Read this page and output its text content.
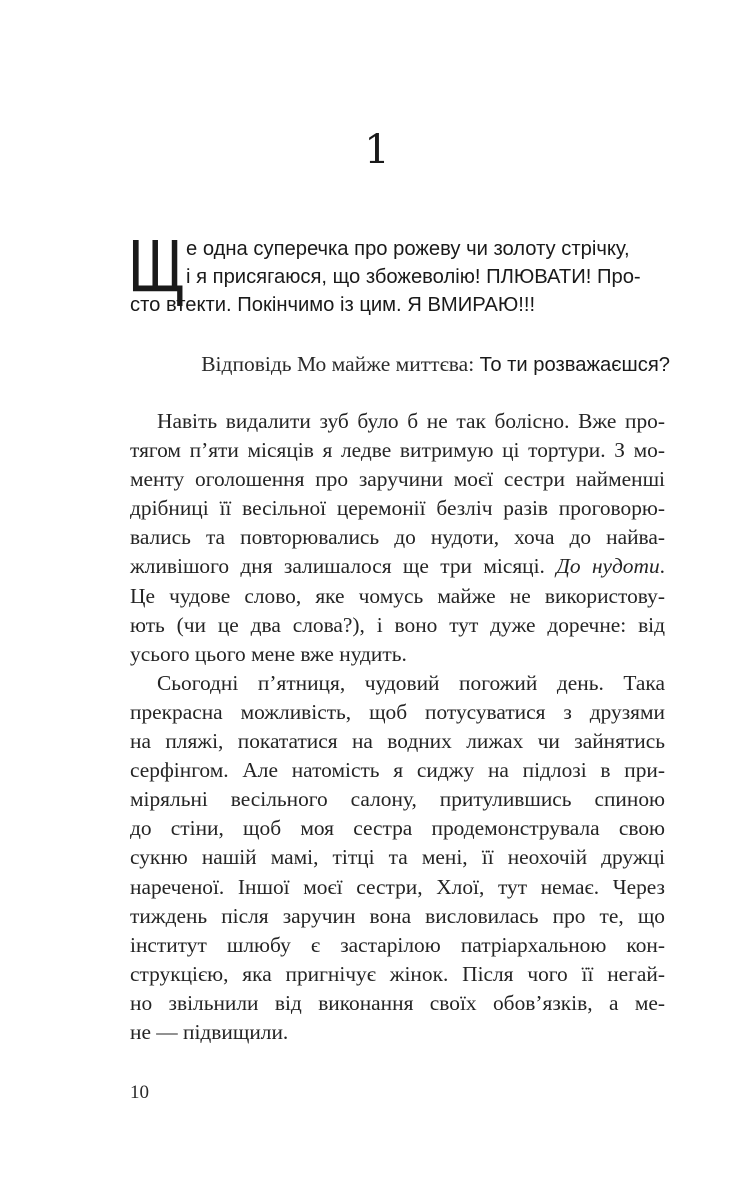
1
Щ е одна суперечка про рожеву чи золоту стрічку,
і я присягаюся, що збожеволію! ПЛЮВАТИ! Про-
сто втекти. Покінчимо із цим. Я ВМИРАЮ!!!
Відповідь Мо майже миттєва: То ти розважаєшся?
Навіть видалити зуб було б не так болісно. Вже про-
тягом п’яти місяців я ледве витримую ці тортури. З мо-
менту оголошення про заручини моєї сестри найменші
дрібниці її весільної церемонії безліч разів проговорю-
вались та повторювались до нудоти, хоча до найва-
жливішого дня залишалося ще три місяці. До нудоти.
Це чудове слово, яке чомусь майже не використову-
ють (чи це два слова?), і воно тут дуже доречне: від
усього цього мене вже нудить.
Сьогодні п’ятниця, чудовий погожий день. Така
прекрасна можливість, щоб потусуватися з друзями
на пляжі, покататися на водних лижах чи зайнятись
серфінгом. Але натомість я сиджу на підлозі в при-
міряльні весільного салону, притулившись спиною
до стіни, щоб моя сестра продемонструвала свою
сукню нашій мамі, тітці та мені, її неохочій дружці
нареченої. Іншої моєї сестри, Хлої, тут немає. Через
тиждень після заручин вона висловилась про те, що
інститут шлюбу є застарілою патріархальною кон-
струкцією, яка пригнічує жінок. Після чого її негай-
но звільнили від виконання своїх обов’язків, а ме-
не — підвищили.
10
